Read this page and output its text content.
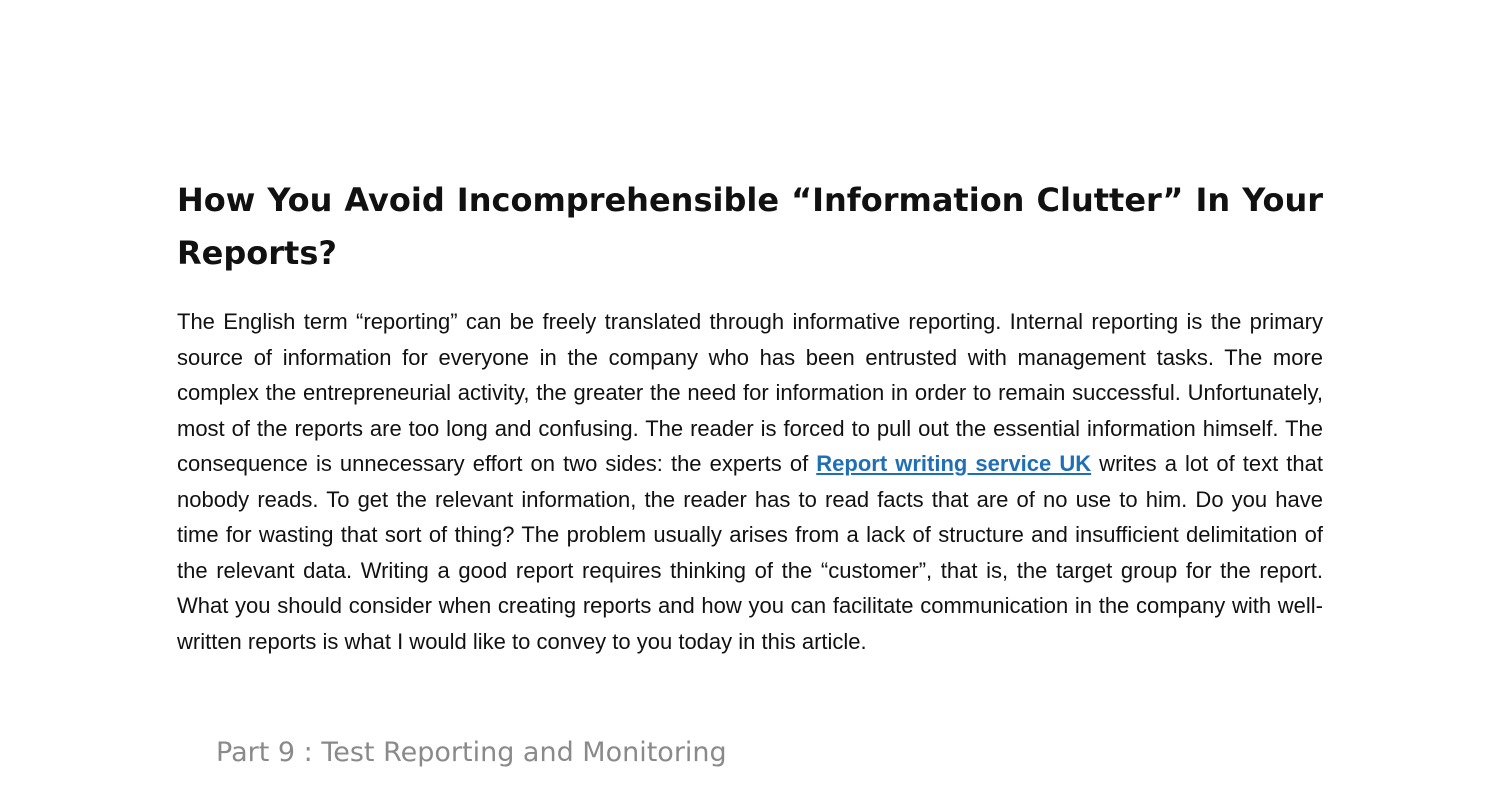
How You Avoid Incomprehensible “Information Clutter” In Your Reports?

The English term “reporting” can be freely translated through informative reporting. Internal reporting is the primary source of information for everyone in the company who has been entrusted with management tasks. The more complex the entrepreneurial activity, the greater the need for information in order to remain successful. Unfortunately, most of the reports are too long and confusing. The reader is forced to pull out the essential information himself. The consequence is unnecessary effort on two sides: the experts of Report writing service UK writes a lot of text that nobody reads. To get the relevant information, the reader has to read facts that are of no use to him. Do you have time for wasting that sort of thing? The problem usually arises from a lack of structure and insufficient delimitation of the relevant data. Writing a good report requires thinking of the “customer”, that is, the target group for the report. What you should consider when creating reports and how you can facilitate communication in the company with well-written reports is what I would like to convey to you today in this article.

Part 9 : Test Reporting and Monitoring
